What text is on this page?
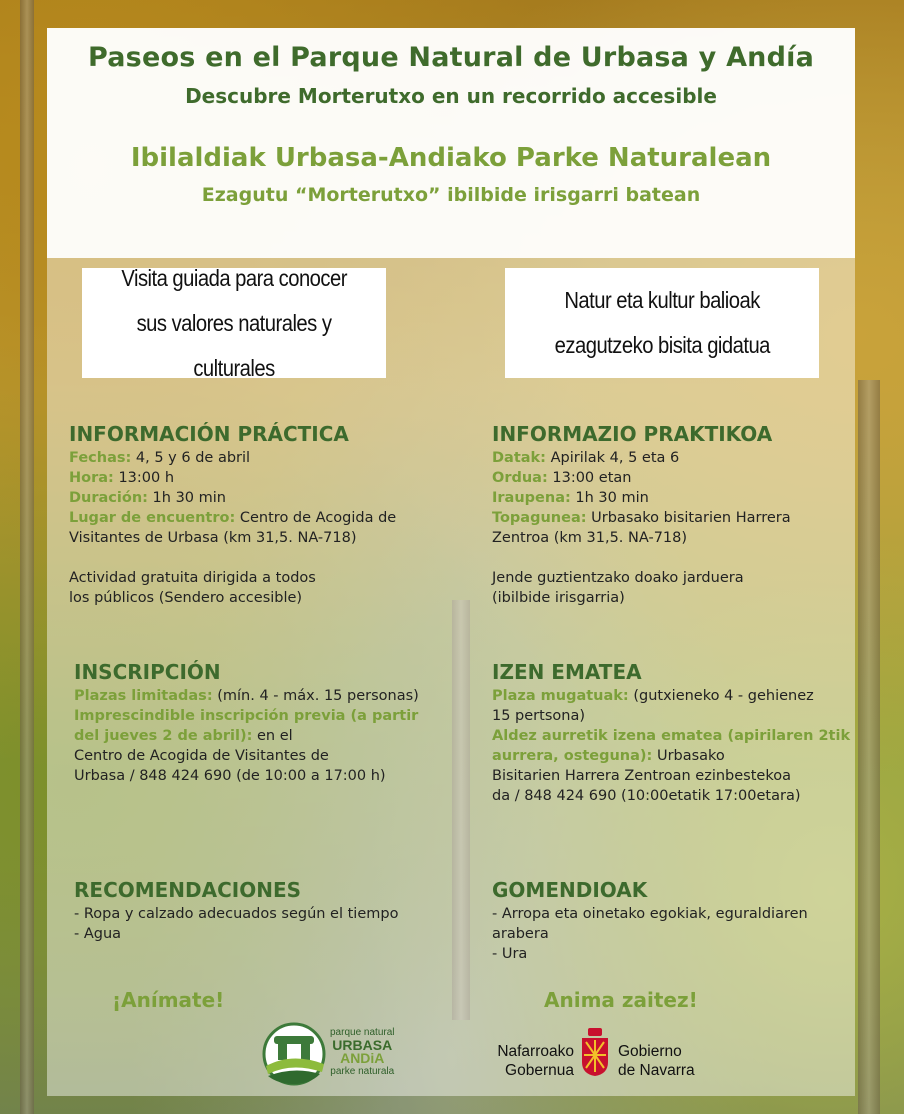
Paseos en el Parque Natural de Urbasa y Andía
Descubre Morterutxo en un recorrido accesible
Ibilaldiak Urbasa-Andiako Parke Naturalean
Ezagutu “Morterutxo” ibilbide irisgarri batean
Visita guiada para conocer
sus valores naturales y culturales
Natur eta kultur balioak
ezagutzeko bisita gidatua
INFORMACIÓN PRÁCTICA

Fechas: 4, 5 y 6 de abril

Hora: 13:00 h

Duración: 1h 30 min

Lugar de encuentro: Centro de Acogida de

Visitantes de Urbasa (km 31,5. NA-718)

Actividad gratuita dirigida a todos

los públicos (Sendero accesible)

INFORMAZIO PRAKTIKOA

Datak: Apirilak 4, 5 eta 6

Ordua: 13:00 etan

Iraupena: 1h 30 min

Topagunea: Urbasako bisitarien Harrera

Zentroa (km 31,5. NA-718)

Jende guztientzako doako jarduera

(ibilbide irisgarria)

INSCRIPCIÓN

Plazas limitadas: (mín. 4 - máx. 15 personas)

Imprescindible inscripción previa (a partir

del jueves 2 de abril): en el

Centro de Acogida de Visitantes de

Urbasa / 848 424 690 (de 10:00 a 17:00 h)

IZEN EMATEA

Plaza mugatuak: (gutxieneko 4 - gehienez

15 pertsona)

Aldez aurretik izena ematea (apirilaren 2tik

aurrera, osteguna): Urbasako

Bisitarien Harrera Zentroan ezinbestekoa

da / 848 424 690 (10:00etatik 17:00etara)

RECOMENDACIONES

- Ropa y calzado adecuados según el tiempo

- Agua

GOMENDIOAK

- Arropa eta oinetako egokiak, eguraldiaren

arabera

- Ura

¡Anímate!	Anima zaitez!
parque natural
URBASA
ANDiA
parke naturala
Nafarroako
Gobernua
Gobierno
de Navarra
